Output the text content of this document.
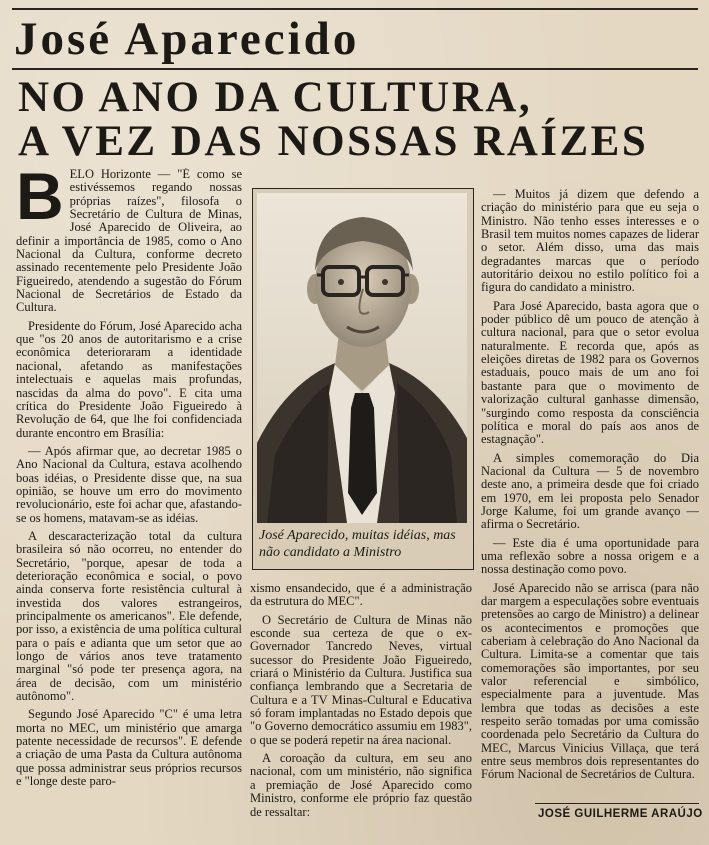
José Aparecido
NO ANO DA CULTURA,
A VEZ DAS NOSSAS RAÍZES

BELO Horizonte — "É como se estivéssemos regando nossas próprias raízes", filosofa o Secretário de Cultura de Minas, José Aparecido de Oliveira, ao definir a importância de 1985, como o Ano Nacional da Cultura, conforme decreto assinado recentemente pelo Presidente João Figueiredo, atendendo a sugestão do Fórum Nacional de Secretários de Estado da Cultura.

Presidente do Fórum, José Aparecido acha que "os 20 anos de autoritarismo e a crise econômica deterioraram a identidade nacional, afetando as manifestações intelectuais e aquelas mais profundas, nascidas da alma do povo". E cita uma crítica do Presidente João Figueiredo à Revolução de 64, que lhe foi confidenciada durante encontro em Brasília:

— Após afirmar que, ao decretar 1985 o Ano Nacional da Cultura, estava acolhendo boas idéias, o Presidente disse que, na sua opinião, se houve um erro do movimento revolucionário, este foi achar que, afastando-se os homens, matavam-se as idéias.

A descaracterização total da cultura brasileira só não ocorreu, no entender do Secretário, "porque, apesar de toda a deterioração econômica e social, o povo ainda conserva forte resistência cultural à investida dos valores estrangeiros, principalmente os americanos". Ele defende, por isso, a existência de uma política cultural para o país e adianta que um setor que ao longo de vários anos teve tratamento marginal "só pode ter presença agora, na área de decisão, com um ministério autônomo".

Segundo José Aparecido "C" é uma letra morta no MEC, um ministério que amarga patente necessidade de recursos". E defende a criação de uma Pasta da Cultura autônoma que possa administrar seus próprios recursos e "longe deste paro-

José Aparecido, muitas idéias, mas não candidato a Ministro

xismo ensandecido, que é a administração da estrutura do MEC".

O Secretário de Cultura de Minas não esconde sua certeza de que o ex-Governador Tancredo Neves, virtual sucessor do Presidente João Figueiredo, criará o Ministério da Cultura. Justifica sua confiança lembrando que a Secretaria de Cultura e a TV Minas-Cultural e Educativa só foram implantadas no Estado depois que "o Governo democrático assumiu em 1983", o que se poderá repetir na área nacional.

A coroação da cultura, em seu ano nacional, com um ministério, não significa a premiação de José Aparecido como Ministro, conforme ele próprio faz questão de ressaltar:

— Muitos já dizem que defendo a criação do ministério para que eu seja o Ministro. Não tenho esses interesses e o Brasil tem muitos nomes capazes de liderar o setor. Além disso, uma das mais degradantes marcas que o período autoritário deixou no estilo político foi a figura do candidato a ministro.

Para José Aparecido, basta agora que o poder público dê um pouco de atenção à cultura nacional, para que o setor evolua naturalmente. E recorda que, após as eleições diretas de 1982 para os Governos estaduais, pouco mais de um ano foi bastante para que o movimento de valorização cultural ganhasse dimensão, "surgindo como resposta da consciência política e moral do país aos anos de estagnação".

A simples comemoração do Dia Nacional da Cultura — 5 de novembro deste ano, a primeira desde que foi criado em 1970, em lei proposta pelo Senador Jorge Kalume, foi um grande avanço — afirma o Secretário.

— Este dia é uma oportunidade para uma reflexão sobre a nossa origem e a nossa destinação como povo.

José Aparecido não se arrisca (para não dar margem a especulações sobre eventuais pretensões ao cargo de Ministro) a delinear os acontecimentos e promoções que caberiam à celebração do Ano Nacional da Cultura. Limita-se a comentar que tais comemorações são importantes, por seu valor referencial e simbólico, especialmente para a juventude. Mas lembra que todas as decisões a este respeito serão tomadas por uma comissão coordenada pelo Secretário da Cultura do MEC, Marcus Vinicius Villaça, que terá entre seus membros dois representantes do Fórum Nacional de Secretários de Cultura.

JOSÉ GUILHERME ARAÚJO
